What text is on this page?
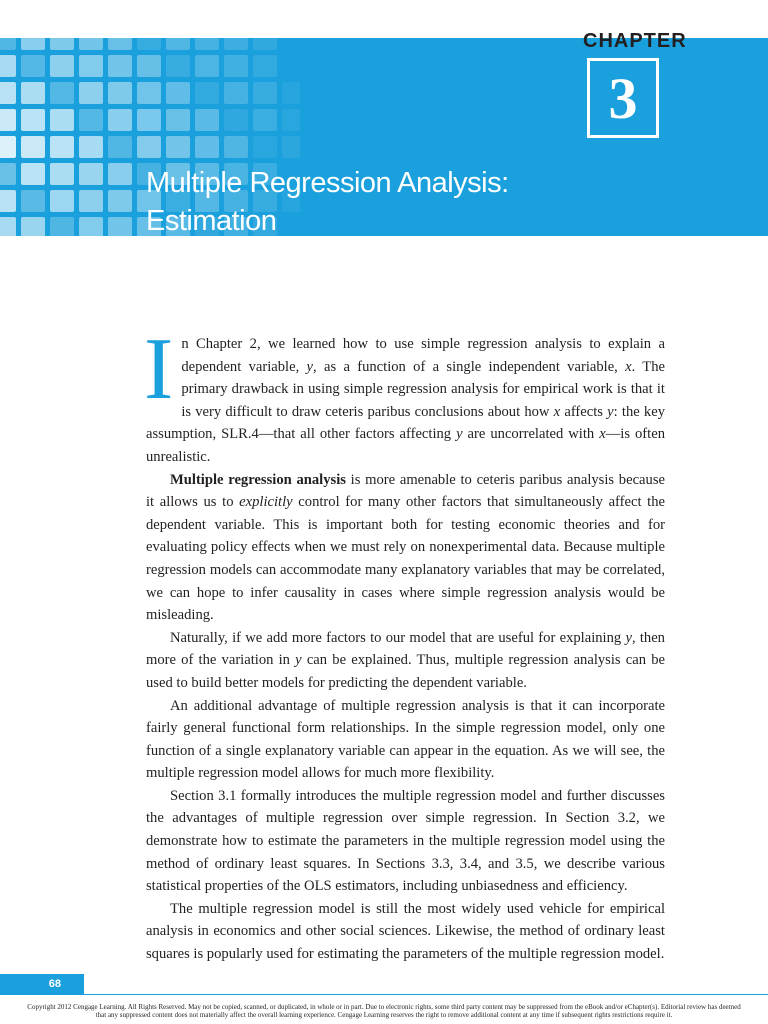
Multiple Regression Analysis:
Estimation

CHAPTER

3

In Chapter 2, we learned how to use simple regression analysis to explain a dependent variable, y, as a function of a single independent variable, x. The primary drawback in using simple regression analysis for empirical work is that it is very difficult to draw ceteris paribus conclusions about how x affects y: the key assumption, SLR.4—that all other factors affecting y are uncorrelated with x—is often unrealistic.

Multiple regression analysis is more amenable to ceteris paribus analysis because it allows us to explicitly control for many other factors that simultaneously affect the dependent variable. This is important both for testing economic theories and for evaluating policy effects when we must rely on nonexperimental data. Because multiple regression models can accommodate many explanatory variables that may be correlated, we can hope to infer causality in cases where simple regression analysis would be misleading.

Naturally, if we add more factors to our model that are useful for explaining y, then more of the variation in y can be explained. Thus, multiple regression analysis can be used to build better models for predicting the dependent variable.

An additional advantage of multiple regression analysis is that it can incorporate fairly general functional form relationships. In the simple regression model, only one function of a single explanatory variable can appear in the equation. As we will see, the multiple regression model allows for much more flexibility.

Section 3.1 formally introduces the multiple regression model and further discusses the advantages of multiple regression over simple regression. In Section 3.2, we demonstrate how to estimate the parameters in the multiple regression model using the method of ordinary least squares. In Sections 3.3, 3.4, and 3.5, we describe various statistical properties of the OLS estimators, including unbiasedness and efficiency.

The multiple regression model is still the most widely used vehicle for empirical analysis in economics and other social sciences. Likewise, the method of ordinary least squares is popularly used for estimating the parameters of the multiple regression model.

68

Copyright 2012 Cengage Learning. All Rights Reserved. May not be copied, scanned, or duplicated, in whole or in part. Due to electronic rights, some third party content may be suppressed from the eBook and/or eChapter(s). Editorial review has deemed that any suppressed content does not materially affect the overall learning experience. Cengage Learning reserves the right to remove additional content at any time if subsequent rights restrictions require it.
